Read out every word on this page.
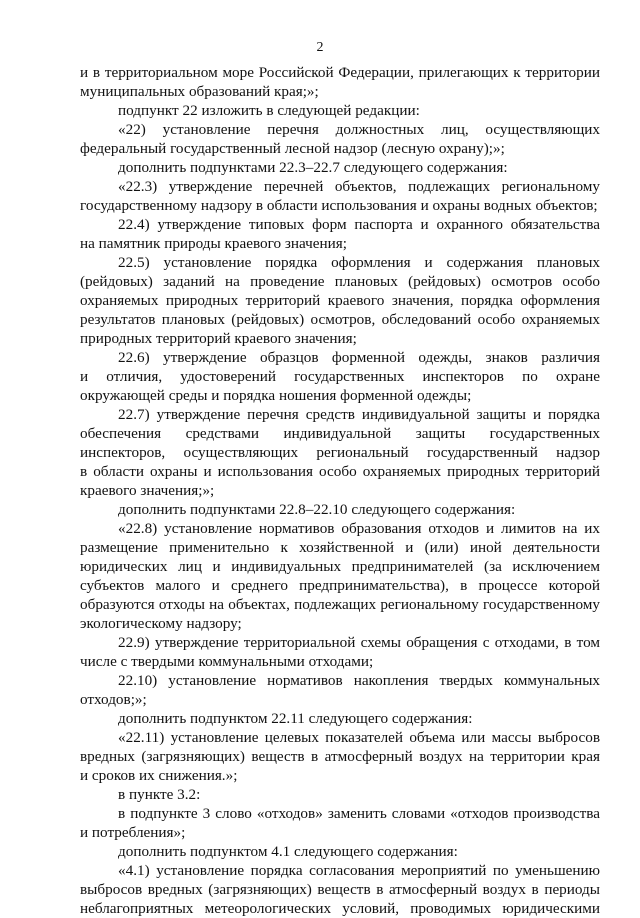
2
и в территориальном море Российской Федерации, прилегающих к территории
муниципальных образований края;»;
подпункт 22 изложить в следующей редакции:
«22) установление перечня должностных лиц, осуществляющих
федеральный государственный лесной надзор (лесную охрану);»;
дополнить подпунктами 22.3–22.7 следующего содержания:
«22.3) утверждение перечней объектов, подлежащих региональному
государственному надзору в области использования и охраны водных объектов;
22.4) утверждение типовых форм паспорта и охранного обязательства
на памятник природы краевого значения;
22.5) установление порядка оформления и содержания плановых
(рейдовых) заданий на проведение плановых (рейдовых) осмотров особо
охраняемых природных территорий краевого значения, порядка оформления
результатов плановых (рейдовых) осмотров, обследований особо охраняемых
природных территорий краевого значения;
22.6) утверждение образцов форменной одежды, знаков различия
и отличия, удостоверений государственных инспекторов по охране
окружающей среды и порядка ношения форменной одежды;
22.7) утверждение перечня средств индивидуальной защиты и порядка
обеспечения средствами индивидуальной защиты государственных
инспекторов, осуществляющих региональный государственный надзор
в области охраны и использования особо охраняемых природных территорий
краевого значения;»;
дополнить подпунктами 22.8–22.10 следующего содержания:
«22.8) установление нормативов образования отходов и лимитов на их
размещение применительно к хозяйственной и (или) иной деятельности
юридических лиц и индивидуальных предпринимателей (за исключением
субъектов малого и среднего предпринимательства), в процессе которой
образуются отходы на объектах, подлежащих региональному государственному
экологическому надзору;
22.9) утверждение территориальной схемы обращения с отходами, в том
числе с твердыми коммунальными отходами;
22.10) установление нормативов накопления твердых коммунальных
отходов;»;
дополнить подпунктом 22.11 следующего содержания:
«22.11) установление целевых показателей объема или массы выбросов
вредных (загрязняющих) веществ в атмосферный воздух на территории края
и сроков их снижения.»;
в пункте 3.2:
в подпункте 3 слово «отходов» заменить словами «отходов производства
и потребления»;
дополнить подпунктом 4.1 следующего содержания:
«4.1) установление порядка согласования мероприятий по уменьшению
выбросов вредных (загрязняющих) веществ в атмосферный воздух в периоды
неблагоприятных метеорологических условий, проводимых юридическими
